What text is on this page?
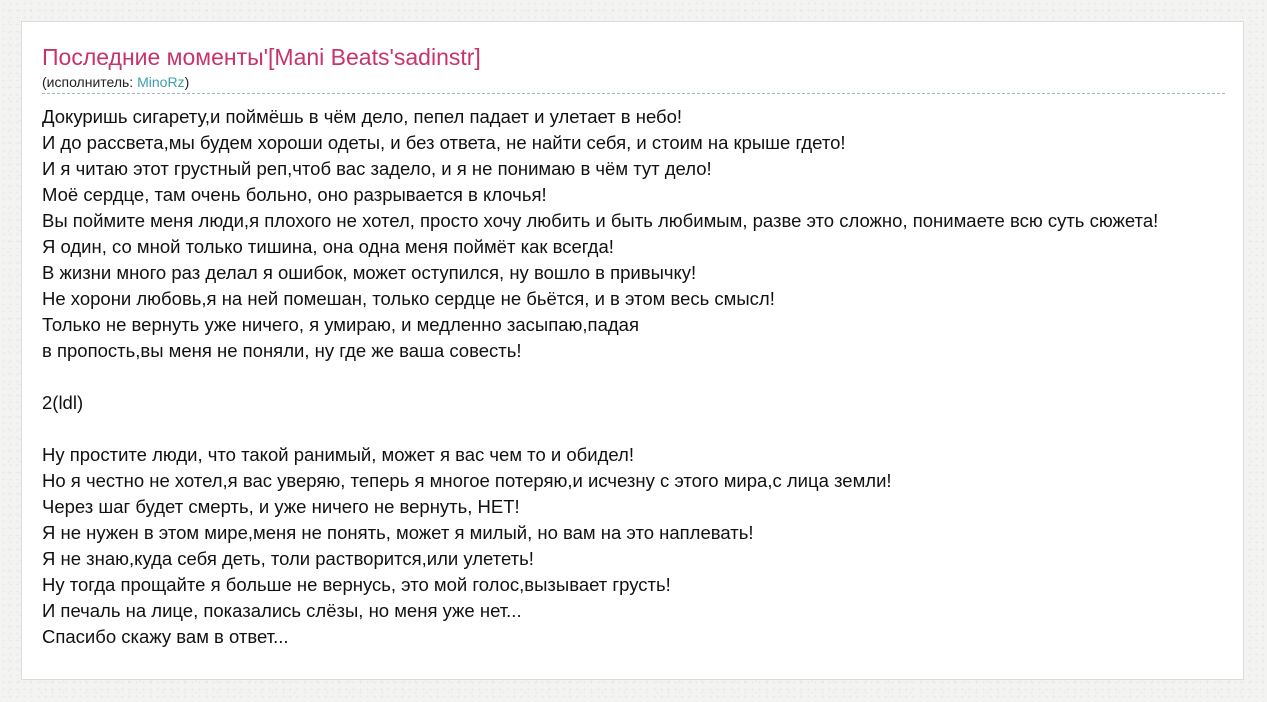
Последние моменты'[Mani Beats'sadinstr]
(исполнитель: MinoRz)
Докуришь сигарету,и поймёшь в чём дело, пепел падает и улетает в небо!
И до рассвета,мы будем хороши одеты, и без ответа, не найти себя, и стоим на крыше гдето!
И я читаю этот грустный реп,чтоб вас задело, и я не понимаю в чём тут дело!
Моё сердце, там очень больно, оно разрывается в клочья!
Вы поймите меня люди,я плохого не хотел, просто хочу любить и быть любимым, разве это сложно, понимаете всю суть сюжета!
Я один, со мной только тишина, она одна меня поймёт как всегда!
В жизни много раз делал я ошибок, может оступился, ну вошло в привычку!
Не хорони любовь,я на ней помешан, только сердце не бьётся, и в этом весь смысл!
Только не вернуть уже ничего, я умираю, и медленно засыпаю,падая
в пропость,вы меня не поняли, ну где же ваша совесть!
2(ldl)
Ну простите люди, что такой ранимый, может я вас чем то и обидел!
Но я честно не хотел,я вас уверяю, теперь я многое потеряю,и исчезну с этого мира,с лица земли!
Через шаг будет смерть, и уже ничего не вернуть, НЕТ!
Я не нужен в этом мире,меня не понять, может я милый, но вам на это наплевать!
Я не знаю,куда себя деть, толи растворится,или улететь!
Ну тогда прощайте я больше не вернусь, это мой голос,вызывает грусть!
И печаль на лице, показались слёзы, но меня уже нет...
Спасибо скажу вам в ответ...
